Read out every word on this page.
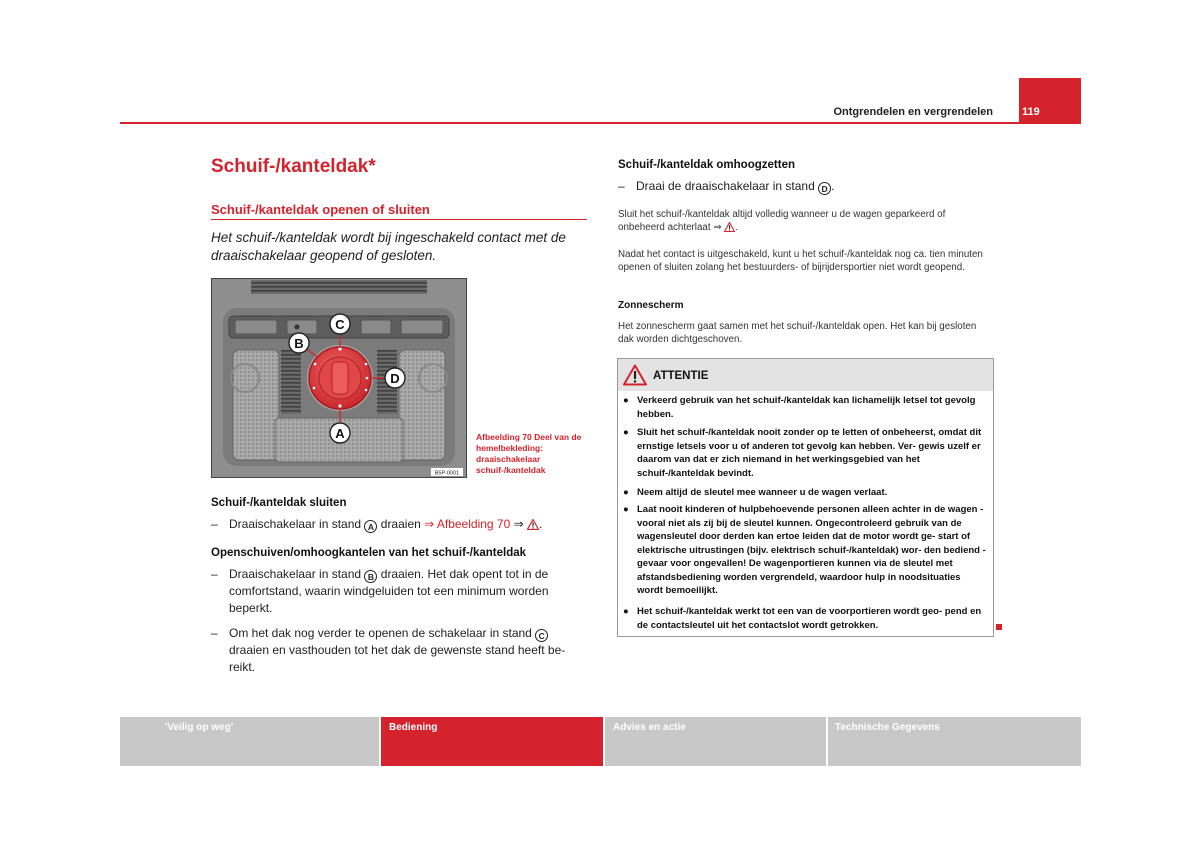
Ontgrendelen en vergrendelen	119
Schuif-/kanteldak*
Schuif-/kanteldak openen of sluiten
Het schuif-/kanteldak wordt bij ingeschakeld contact met de draaischakelaar geopend of gesloten.
B
C
D
A
B5P-0001
Afbeelding 70 Deel van de hemelbekleding: draaischakelaar schuif-/kanteldak
Schuif-/kanteldak sluiten
– Draaischakelaar in stand A draaien ⇒ Afbeelding 70 ⇒ .
Openschuiven/omhoogkantelen van het schuif-/kanteldak
– Draaischakelaar in stand B draaien. Het dak opent tot in de comfortstand, waarin windgeluiden tot een minimum worden beperkt.
– Om het dak nog verder te openen de schakelaar in stand C draaien en vasthouden tot het dak de gewenste stand heeft be- reikt.
Schuif-/kanteldak omhoogzetten
– Draai de draaischakelaar in stand D .
Sluit het schuif-/kanteldak altijd volledig wanneer u de wagen geparkeerd of onbeheerd achterlaat ⇒ .
Nadat het contact is uitgeschakeld, kunt u het schuif-/kanteldak nog ca. tien minuten openen of sluiten zolang het bestuurders- of bijrijdersportier niet wordt geopend.
Zonnescherm
Het zonnescherm gaat samen met het schuif-/kanteldak open. Het kan bij gesloten dak worden dichtgeschoven.
ATTENTIE
● Verkeerd gebruik van het schuif-/kanteldak kan lichamelijk letsel tot gevolg hebben.
● Sluit het schuif-/kanteldak nooit zonder op te letten of onbeheerst, omdat dit ernstige letsels voor u of anderen tot gevolg kan hebben. Ver- gewis uzelf er daarom van dat er zich niemand in het werkingsgebied van het schuif-/kanteldak bevindt.
● Neem altijd de sleutel mee wanneer u de wagen verlaat.
● Laat nooit kinderen of hulpbehoevende personen alleen achter in de wagen - vooral niet als zij bij de sleutel kunnen. Ongecontroleerd gebruik van de wagensleutel door derden kan ertoe leiden dat de motor wordt ge- start of elektrische uitrustingen (bijv. elektrisch schuif-/kanteldak) wor- den bediend - gevaar voor ongevallen! De wagenportieren kunnen via de sleutel met afstandsbediening worden vergrendeld, waardoor hulp in noodsituaties wordt bemoeilijkt.
● Het schuif-/kanteldak werkt tot een van de voorportieren wordt geo- pend en de contactsleutel uit het contactslot wordt getrokken.
'Veilig op weg'	Bediening	Advies en actie	Technische Gegevens
